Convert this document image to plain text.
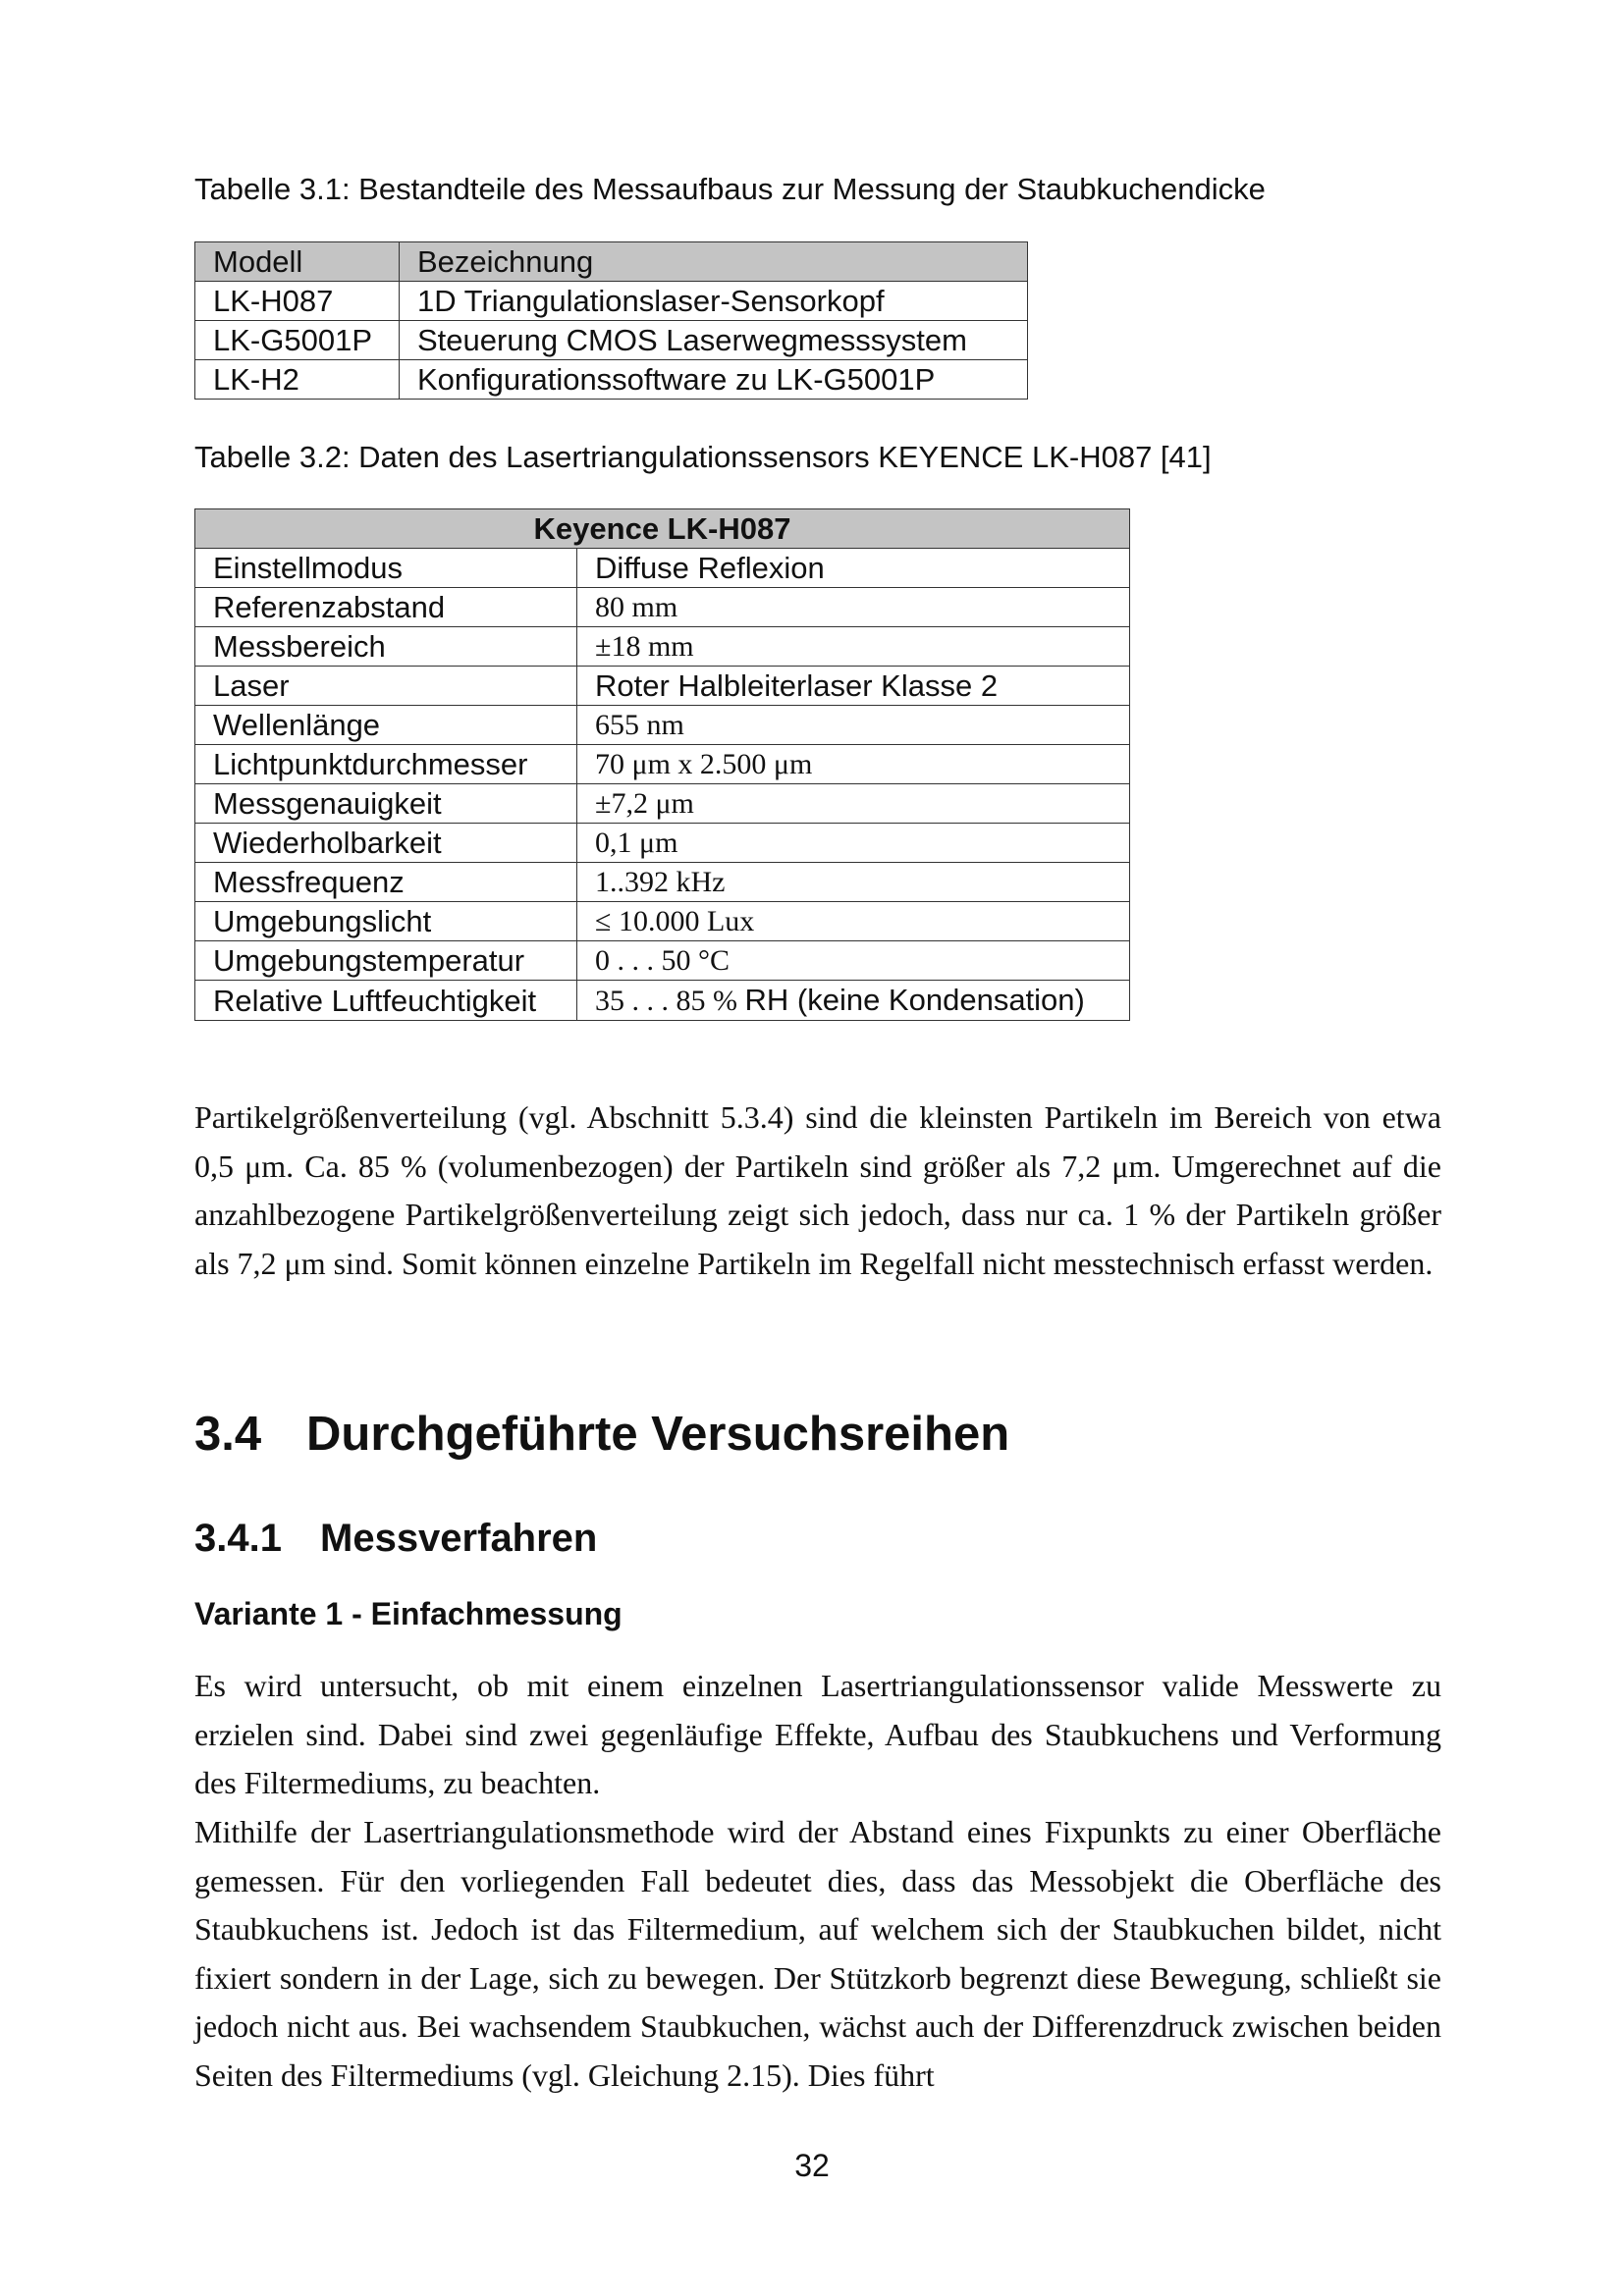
Tabelle 3.1: Bestandteile des Messaufbaus zur Messung der Staubkuchendicke
Modell	Bezeichnung
LK-H087	1D Triangulationslaser-Sensorkopf
LK-G5001P	Steuerung CMOS Laserwegmesssystem
LK-H2	Konfigurationssoftware zu LK-G5001P
Tabelle 3.2: Daten des Lasertriangulationssensors KEYENCE LK-H087 [41]
Keyence LK-H087	
Einstellmodus	Diffuse Reflexion
Referenzabstand	80 mm
Messbereich	±18 mm
Laser	Roter Halbleiterlaser Klasse 2
Wellenlänge	655 nm
Lichtpunktdurchmesser	70 μm x 2.500 μm
Messgenauigkeit	±7,2 μm
Wiederholbarkeit	0,1 μm
Messfrequenz	1..392 kHz
Umgebungslicht	≤ 10.000 Lux
Umgebungstemperatur	0 . . . 50 °C
Relative Luftfeuchtigkeit	35 . . . 85 % RH (keine Kondensation)

Partikelgrößenverteilung (vgl. Abschnitt 5.3.4) sind die kleinsten Partikeln im Bereich von etwa 0,5 μm. Ca. 85 % (volumenbezogen) der Partikeln sind größer als 7,2 μm. Umgerechnet auf die anzahlbezogene Partikelgrößenverteilung zeigt sich jedoch, dass nur ca. 1 % der Partikeln größer als 7,2 μm sind. Somit können einzelne Partikeln im Regelfall nicht messtechnisch erfasst werden.

3.4 Durchgeführte Versuchsreihen
3.4.1 Messverfahren
Variante 1 - Einfachmessung

Es wird untersucht, ob mit einem einzelnen Lasertriangulationssensor valide Messwerte zu erzielen sind. Dabei sind zwei gegenläufige Effekte, Aufbau des Staubkuchens und Verformung des Filtermediums, zu beachten.

Mithilfe der Lasertriangulationsmethode wird der Abstand eines Fixpunkts zu einer Oberfläche gemessen. Für den vorliegenden Fall bedeutet dies, dass das Messobjekt die Oberfläche des Staubkuchens ist. Jedoch ist das Filtermedium, auf welchem sich der Staubkuchen bildet, nicht fixiert sondern in der Lage, sich zu bewegen. Der Stützkorb begrenzt diese Bewegung, schließt sie jedoch nicht aus. Bei wachsendem Staubkuchen, wächst auch der Differenzdruck zwischen beiden Seiten des Filtermediums (vgl. Gleichung 2.15). Dies führt

32
